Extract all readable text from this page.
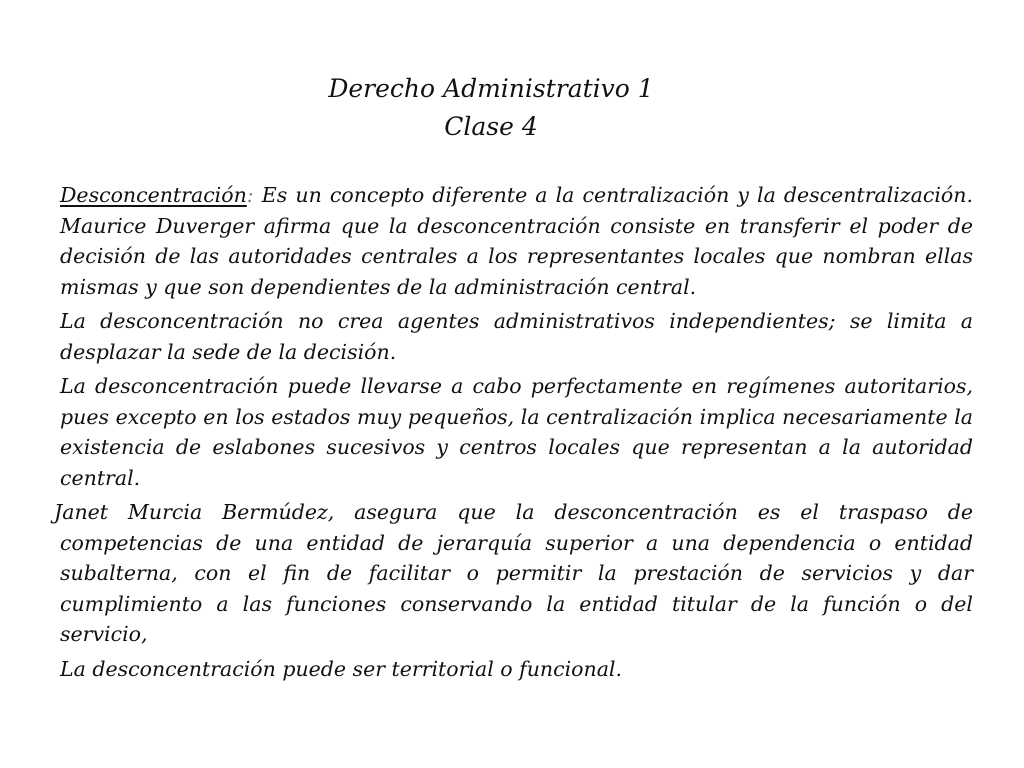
Derecho Administrativo 1
Clase 4

Desconcentración: Es un concepto diferente a la centralización y la descentralización. Maurice Duverger afirma que la desconcentración consiste en transferir el poder de decisión de las autoridades centrales a los representantes locales que nombran ellas mismas y que son dependientes de la administración central.

La desconcentración no crea agentes administrativos independientes; se limita a desplazar la sede de la decisión.

La desconcentración puede llevarse a cabo perfectamente en regímenes autoritarios, pues excepto en los estados muy pequeños, la centralización implica necesariamente la existencia de eslabones sucesivos y centros locales que representan a la autoridad central.

Janet Murcia Bermúdez, asegura que la desconcentración es el traspaso de competencias de una entidad de jerarquía superior a una dependencia o entidad subalterna, con el fin de facilitar o permitir la prestación de servicios y dar cumplimiento a las funciones conservando la entidad titular de la función o del servicio,

La desconcentración puede ser territorial o funcional.
